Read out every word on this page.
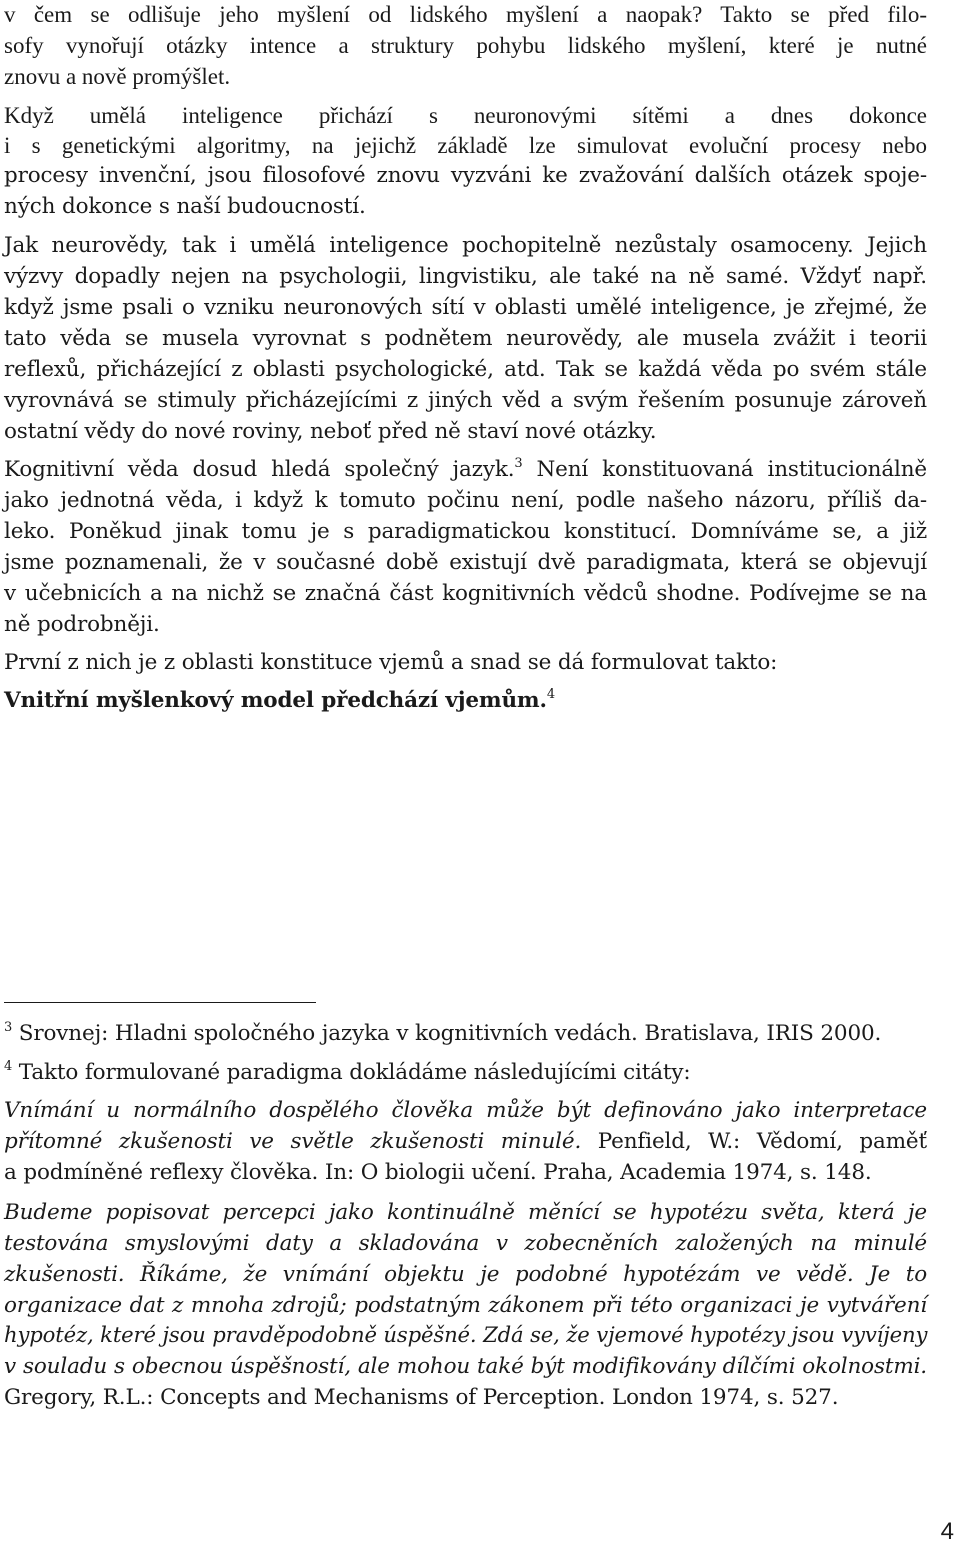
v čem se odlišuje jeho myšlení od lidského myšlení a naopak? Takto se před filo-
sofy vynořují otázky intence a struktury pohybu lidského myšlení, které je nutné
znovu a nově promýšlet.
Když umělá inteligence přichází s neuronovými sítěmi a dnes dokonce
i s genetickými algoritmy, na jejichž základě lze simulovat evoluční procesy nebo
procesy invenční, jsou filosofové znovu vyzváni ke zvažování dalších otázek spoje-
ných dokonce s naší budoucností.
Jak neurovědy, tak i umělá inteligence pochopitelně nezůstaly osamoceny. Jejich
výzvy dopadly nejen na psychologii, lingvistiku, ale také na ně samé. Vždyť např.
když jsme psali o vzniku neuronových sítí v oblasti umělé inteligence, je zřejmé, že
tato věda se musela vyrovnat s podnětem neurovědy, ale musela zvážit i teorii
reflexů, přicházející z oblasti psychologické, atd. Tak se každá věda po svém stále
vyrovnává se stimuly přicházejícími z jiných věd a svým řešením posunuje zároveň
ostatní vědy do nové roviny, neboť před ně staví nové otázky.
Kognitivní věda dosud hledá společný jazyk.$^3$ Není konstituovaná institucionálně
jako jednotná věda, i když k tomuto počinu není, podle našeho názoru, příliš da-
leko. Poněkud jinak tomu je s paradigmatickou konstitucí. Domníváme se, a již
jsme poznamenali, že v současné době existují dvě paradigmata, která se objevují
v učebnicích a na nichž se značná část kognitivních vědců shodne. Podívejme se na
ně podrobněji.
První z nich je z oblasti konstituce vjemů a snad se dá formulovat takto:
Vnitřní myšlenkový model předchází vjemům.$^4$
$^3$ Srovnej: Hladni spoločného jazyka v kognitivních vedách. Bratislava, IRIS 2000.
$^4$ Takto formulované paradigma dokládáme následujícími citáty:
Vnímání u normálního dospělého člověka může být definováno jako interpretace
přítomné zkušenosti ve světle zkušenosti minulé. Penfield, W.: Vědomí, paměť
a podmíněné reflexy člověka. In: O biologii učení. Praha, Academia 1974, s. 148.
Budeme popisovat percepci jako kontinuálně měnící se hypotézu světa, která je
testována smyslovými daty a skladována v zobecněních založených na minulé
zkušenosti. Říkáme, že vnímání objektu je podobné hypotézám ve vědě. Je to
organizace dat z mnoha zdrojů; podstatným zákonem při této organizaci je vytváření
hypotéz, které jsou pravděpodobně úspěšné. Zdá se, že vjemové hypotézy jsou vyvíjeny
v souladu s obecnou úspěšností, ale mohou také být modifikovány dílčími okolnostmi.
Gregory, R.L.: Concepts and Mechanisms of Perception. London 1974, s. 527.
4
